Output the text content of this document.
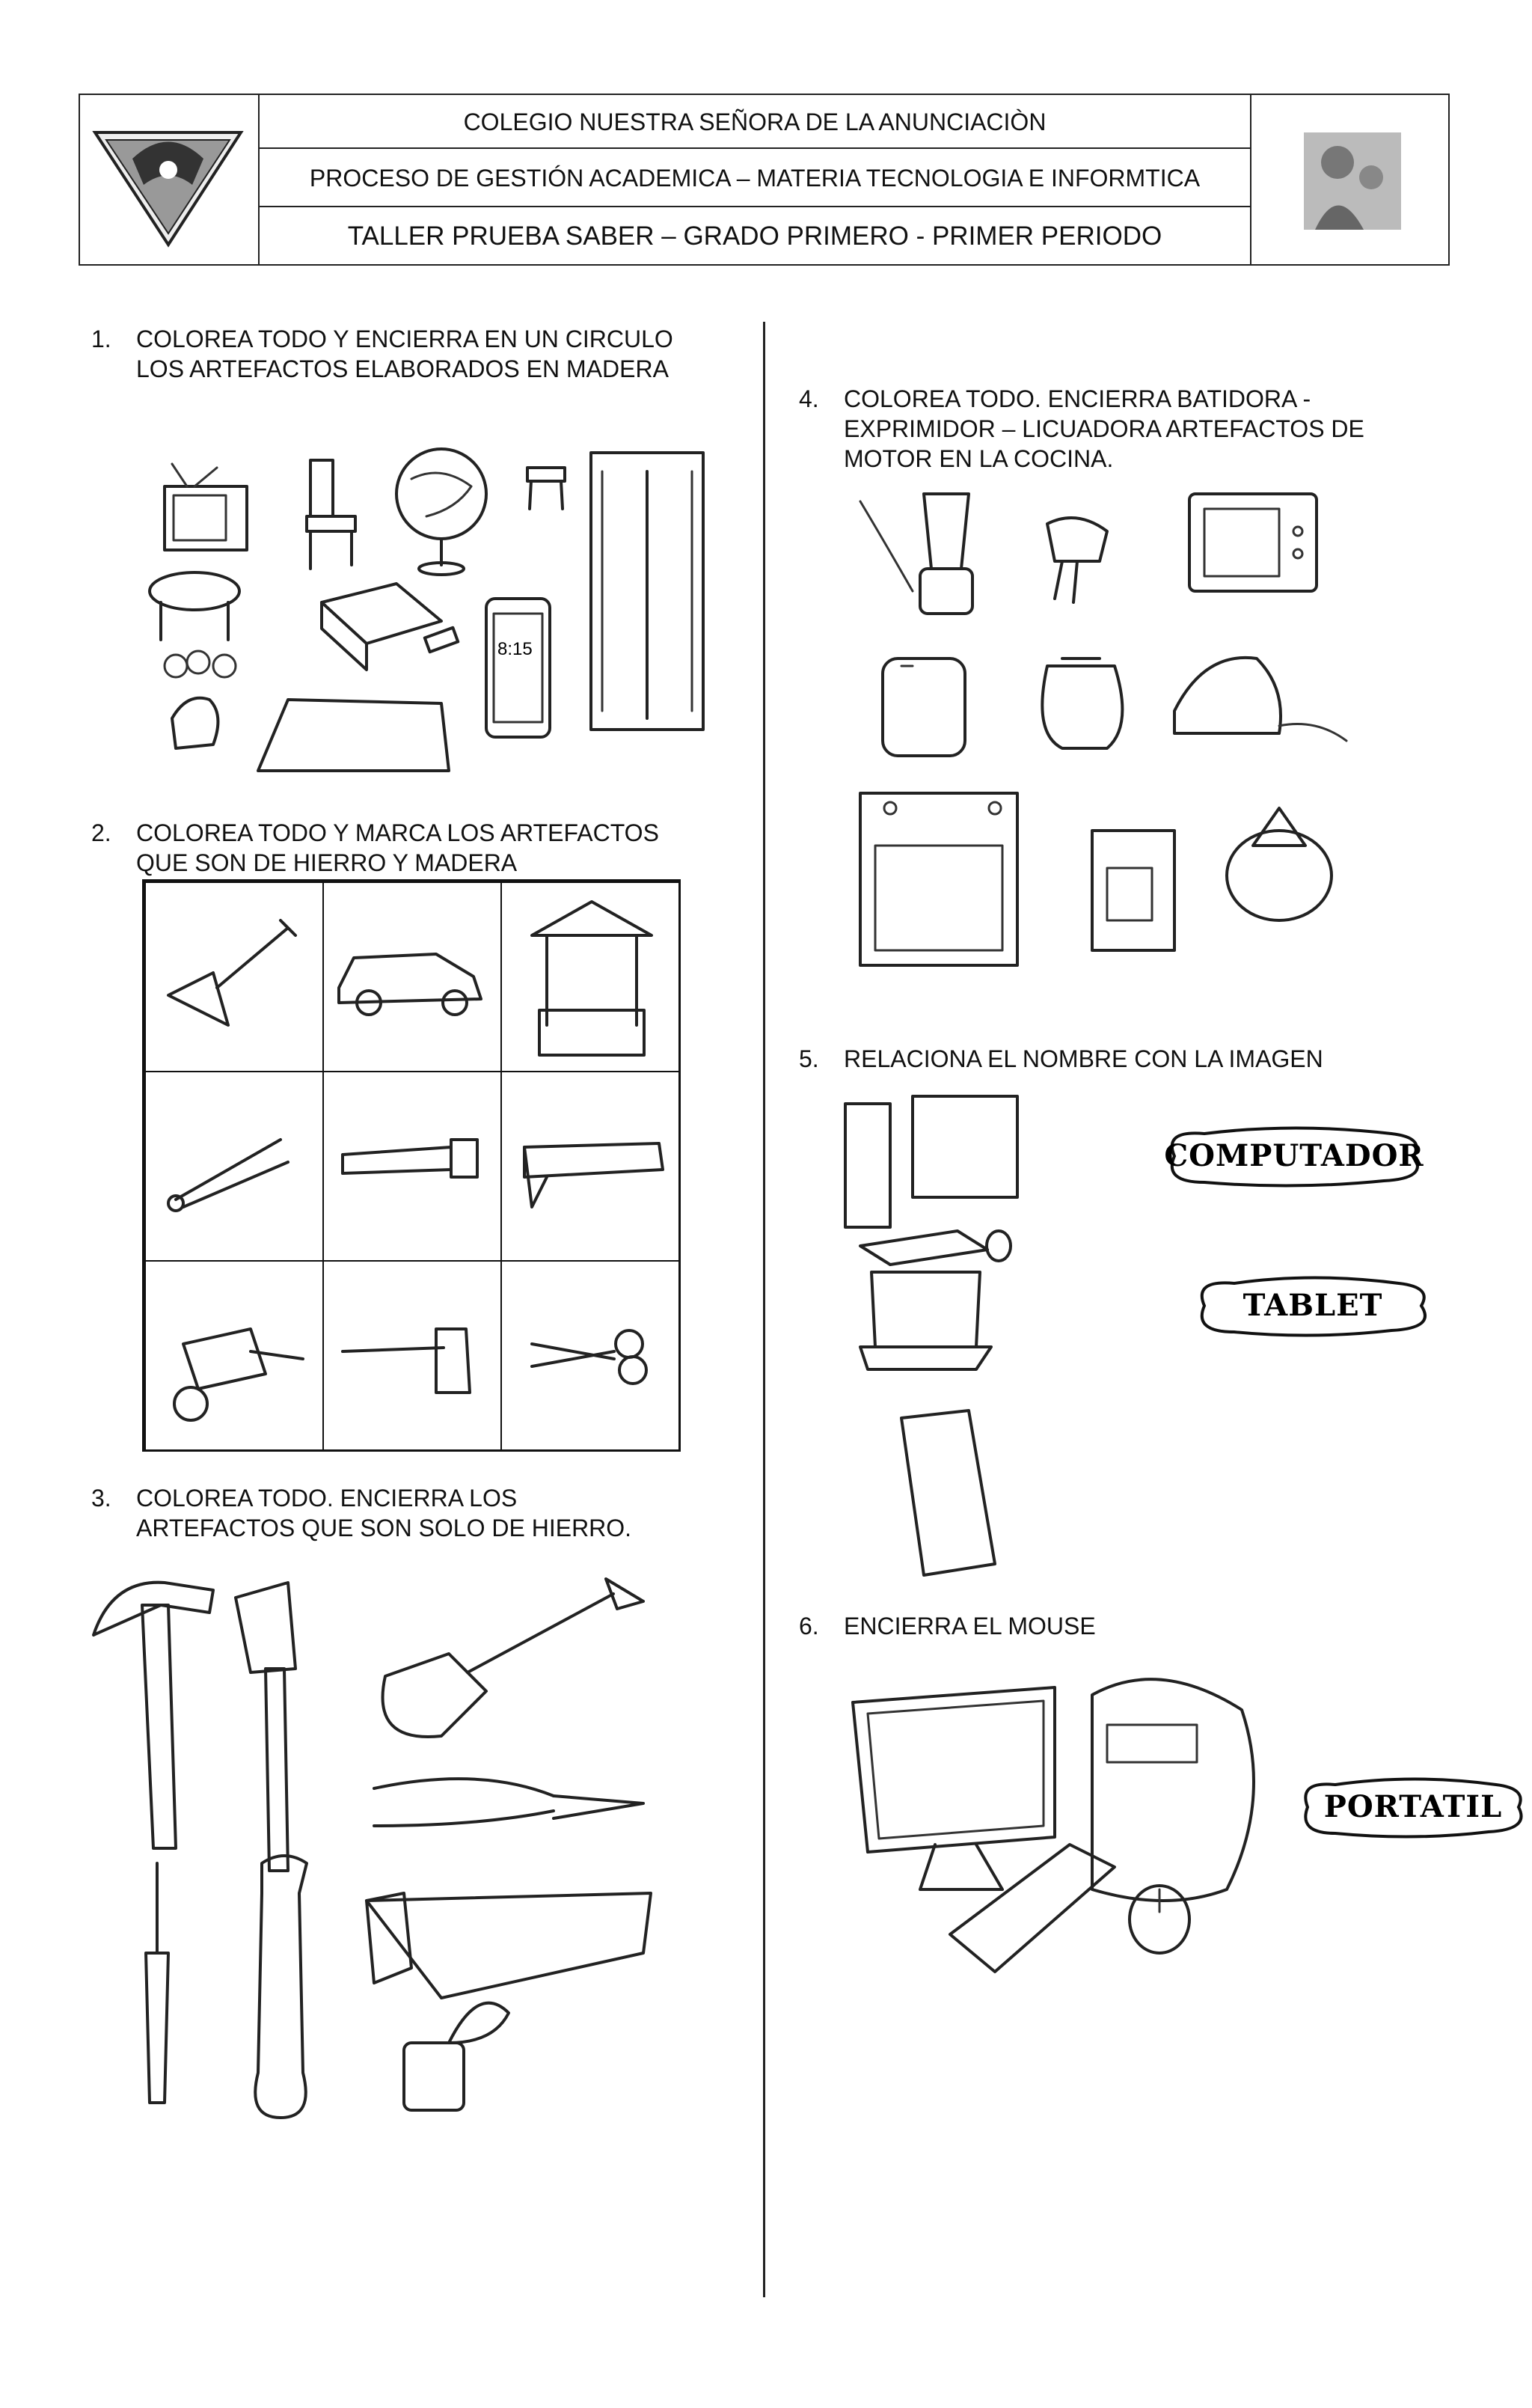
COLEGIO NUESTRA SEÑORA DE LA ANUNCIACIÒN
PROCESO DE GESTIÓN ACADEMICA – MATERIA TECNOLOGIA E INFORMTICA
TALLER PRUEBA SABER – GRADO PRIMERO - PRIMER PERIODO
1. COLOREA TODO Y ENCIERRA EN UN CIRCULO
LOS ARTEFACTOS ELABORADOS EN MADERA
8:15
2. COLOREA TODO Y MARCA LOS ARTEFACTOS
QUE SON DE HIERRO Y MADERA
3. COLOREA TODO. ENCIERRA LOS
ARTEFACTOS QUE SON SOLO DE HIERRO.
4. COLOREA TODO. ENCIERRA BATIDORA -
EXPRIMIDOR – LICUADORA ARTEFACTOS DE
MOTOR EN LA COCINA.
5. RELACIONA EL NOMBRE CON LA IMAGEN
COMPUTADOR
TABLET
6. ENCIERRA EL MOUSE
PORTATIL
